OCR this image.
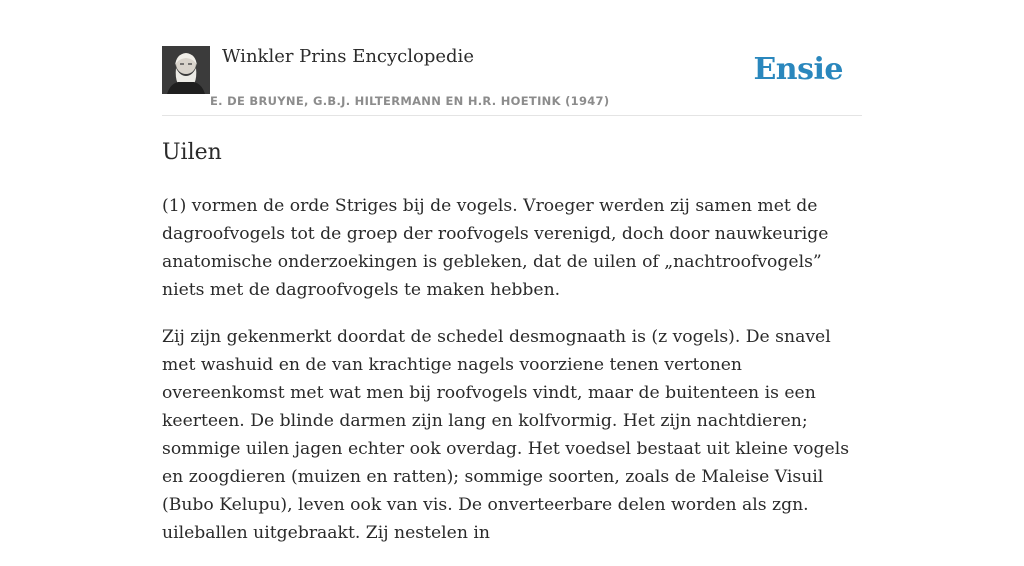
Winkler Prins Encyclopedie
E. DE BRUYNE, G.B.J. HILTERMANN EN H.R. HOETINK (1947)
Ensie
Uilen

(1) vormen de orde Striges bij de vogels. Vroeger werden zij samen met de dagroofvogels tot de groep der roofvogels verenigd, doch door nauwkeurige anatomische onderzoekingen is gebleken, dat de uilen of „nachtroofvogels” niets met de dagroofvogels te maken hebben.

Zij zijn gekenmerkt doordat de schedel desmognaath is (z vogels). De snavel met washuid en de van krachtige nagels voorziene tenen vertonen overeenkomst met wat men bij roofvogels vindt, maar de buitenteen is een keerteen. De blinde darmen zijn lang en kolfvormig. Het zijn nachtdieren; sommige uilen jagen echter ook overdag. Het voedsel bestaat uit kleine vogels en zoogdieren (muizen en ratten); sommige soorten, zoals de Maleise Visuil (Bubo Kelupu), leven ook van vis. De onverteerbare delen worden als zgn. uileballen uitgebraakt. Zij nestelen in
